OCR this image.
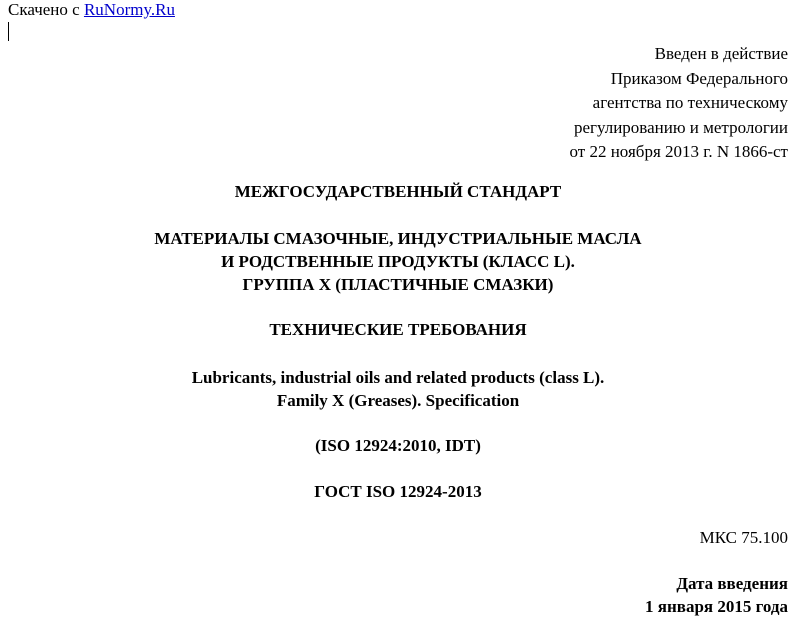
Скачено с RuNormy.Ru
Введен в действие
Приказом Федерального
агентства по техническому
регулированию и метрологии
от 22 ноября 2013 г. N 1866-ст
МЕЖГОСУДАРСТВЕННЫЙ СТАНДАРТ
МАТЕРИАЛЫ СМАЗОЧНЫЕ, ИНДУСТРИАЛЬНЫЕ МАСЛА
И РОДСТВЕННЫЕ ПРОДУКТЫ (КЛАСС L).
ГРУППА X (ПЛАСТИЧНЫЕ СМАЗКИ)
ТЕХНИЧЕСКИЕ ТРЕБОВАНИЯ
Lubricants, industrial oils and related products (class L).
Family X (Greases). Specification
(ISO 12924:2010, IDT)
ГОСТ ISO 12924-2013
МКС 75.100
Дата введения
1 января 2015 года
